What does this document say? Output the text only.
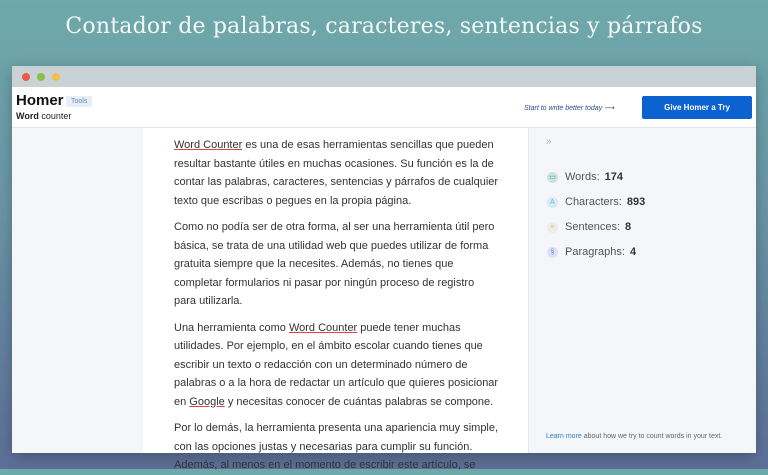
Contador de palabras, caracteres, sentencias y párrafos
Homer	Tools
Word counter
Start to write better today ⟶	Give Homer a Try

Word Counter es una de esas herramientas sencillas que pueden
resultar bastante útiles en muchas ocasiones. Su función es la de
contar las palabras, caracteres, sentencias y párrafos de cualquier
texto que escribas o pegues en la propia página.

Como no podía ser de otra forma, al ser una herramienta útil pero
básica, se trata de una utilidad web que puedes utilizar de forma
gratuita siempre que la necesites. Además, no tienes que
completar formularios ni pasar por ningún proceso de registro
para utilizarla.

Una herramienta como Word Counter puede tener muchas
utilidades. Por ejemplo, en el ámbito escolar cuando tienes que
escribir un texto o redacción con un determinado número de
palabras o a la hora de redactar un artículo que quieres posicionar
en Google y necesitas conocer de cuántas palabras se compone.

Por lo demás, la herramienta presenta una apariencia muy simple,
con las opciones justas y necesarias para cumplir su función.
Además, al menos en el momento de escribir este artículo, se

»
▭ Words: 174
A Characters: 893
≡ Sentences: 8
§ Paragraphs: 4
Learn more about how we try to count words in your text.
